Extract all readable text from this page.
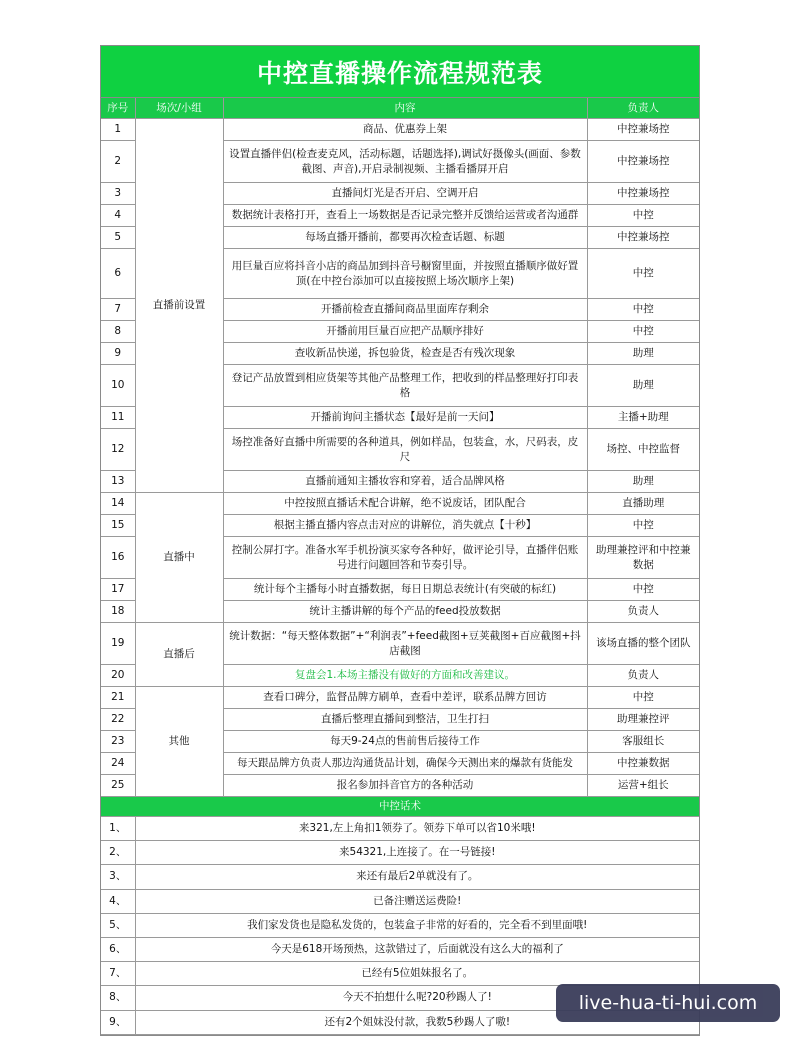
中控直播操作流程规范表
序号	场次/小组	内容	负责人
1	直播前设置	商品、优惠券上架	中控兼场控
2		设置直播伴侣(检查麦克风，活动标题，话题选择),调试好摄像头(画面、参数截图、声音),开启录制视频、主播看播屏开启	中控兼场控
3		直播间灯光是否开启、空调开启	中控兼场控
4		数据统计表格打开，查看上一场数据是否记录完整并反馈给运营或者沟通群	中控
5		每场直播开播前，都要再次检查话题、标题	中控兼场控
6		用巨量百应将抖音小店的商品加到抖音号橱窗里面，并按照直播顺序做好置顶(在中控台添加可以直接按照上场次顺序上架)	中控
7		开播前检查直播间商品里面库存剩余	中控
8		开播前用巨量百应把产品顺序排好	中控
9		查收新品快递，拆包验货，检查是否有残次现象	助理
10		登记产品放置到相应货架等其他产品整理工作，把收到的样品整理好打印表格	助理
11		开播前询问主播状态【最好是前一天问】	主播+助理
12		场控准备好直播中所需要的各种道具，例如样品，包装盒，水，尺码表，皮尺	场控、中控监督
13		直播前通知主播妆容和穿着，适合品牌风格	助理
14	直播中	中控按照直播话术配合讲解，绝不说废话，团队配合	直播助理
15		根据主播直播内容点击对应的讲解位，消失就点【十秒】	中控
16		控制公屏打字。准备水军手机扮演买家夸各种好，做评论引导，直播伴侣账号进行问题回答和节奏引导。	助理兼控评和中控兼数据
17		统计每个主播每小时直播数据，每日日期总表统计(有突破的标红)	中控
18		统计主播讲解的每个产品的feed投放数据	负责人
19	直播后	统计数据：“每天整体数据”+“利润表”+feed截图+豆荚截图+百应截图+抖店截图	该场直播的整个团队
20		复盘会1.本场主播没有做好的方面和改善建议。	负责人
21	其他	查看口碑分，监督品牌方刷单，查看中差评，联系品牌方回访	中控
22		直播后整理直播间到整洁，卫生打扫	助理兼控评
23		每天9-24点的售前售后接待工作	客服组长
24		每天跟品牌方负责人那边沟通货品计划，确保今天测出来的爆款有货能发	中控兼数据
25		报名参加抖音官方的各种活动	运营+组长
中控话术			
1、	来321,左上角扣1领券了。领券下单可以省10米哦!
2、	来54321,上连接了。在一号链接!
3、	来还有最后2单就没有了。
4、	已备注赠送运费险!
5、	我们家发货也是隐私发货的，包装盒子非常的好看的，完全看不到里面哦!
6、	今天是618开场预热，这款错过了，后面就没有这么大的福利了
7、	已经有5位姐妹报名了。
8、	今天不拍想什么呢?20秒踢人了!
9、	还有2个姐妹没付款，我数5秒踢人了嗷!
live-hua-ti-hui.com
